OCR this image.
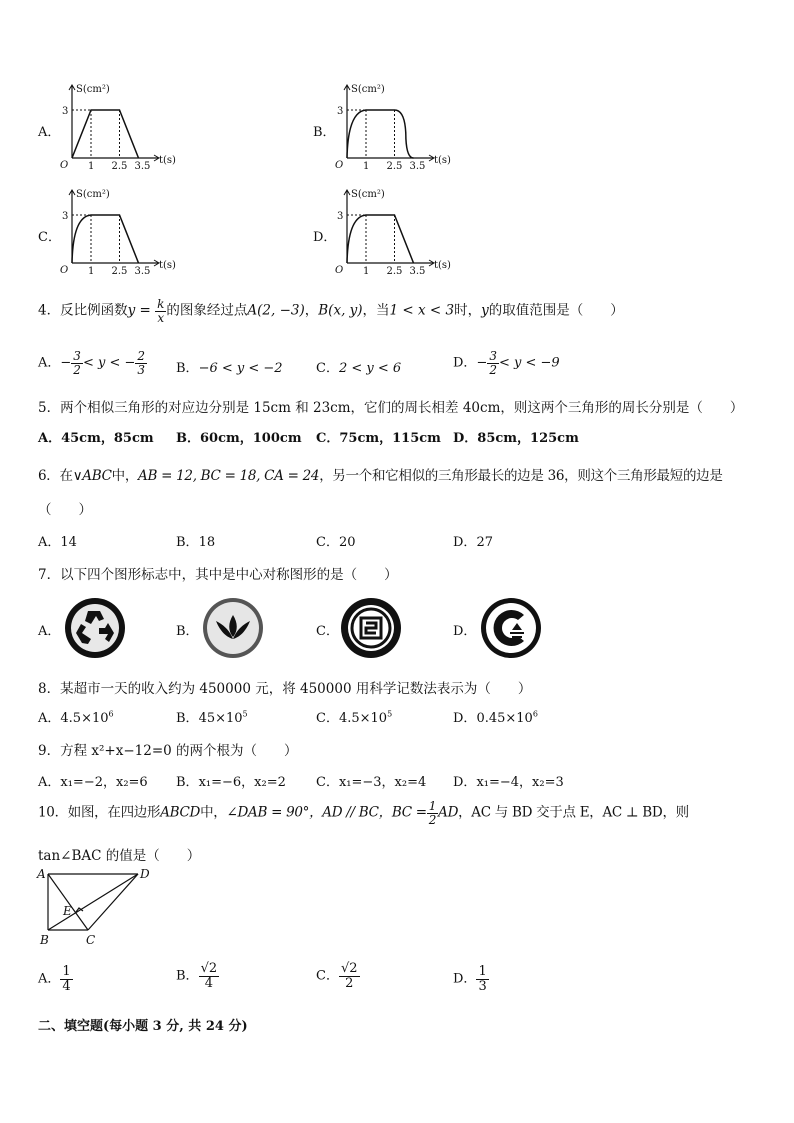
A．
S(cm²)
t(s)
O
3
1 2.5 3.5
B．
S(cm²)
t(s)
O
3
1 2.5 3.5
C．
S(cm²)
t(s)
O
3
1 2.5 3.5
D．
S(cm²)
t(s)
O
3
1 2.5 3.5
4．反比例函数$y = \frac{k}{x}$ 的图象经过点A(2, −3)，B(x, y)，当1 < x < 3时，y的取值范围是（　　）
A．− $\frac{3}{2} < y$ < − $\frac{2}{3}$ B．−6 < y < −2	C．2 < y < 6	D．− $\frac{3}{2} < y < -9$
5．两个相似三角形的对应边分别是 15cm 和 23cm，它们的周长相差 40cm，则这两个三角形的周长分别是（　　）
A．45cm，85cm B．60cm，100cm C．75cm，115cm D．85cm，125cm
6．在∨ABC中，AB = 12, BC = 18, CA = 24，另一个和它相似的三角形最长的边是 36，则这个三角形最短的边是
（　　）
A．14	B．18	C．20	D．27
7．以下四个图形标志中，其中是中心对称图形的是（　　）
A．	B．	C．	D．
8．某超市一天的收入约为 450000 元，将 450000 用科学记数法表示为（　　）
A．$4.5\times 10^6$	B．$45\times 10^5$	C．$4.5\times 10^5$	D．$0.45\times 10^6$
9．方程 x²+x−12=0 的两个根为（　　）
A．x₁=−2，x₂=6 B．x₁=−6，x₂=2 C．x₁=−3，x₂=4 D．x₁=−4，x₂=3
10．如图，在四边形ABCD中，∠DAB = 90°，AD // BC，BC = $\frac{1}{2}$ AD，AC 与 BD 交于点 E，AC ⊥ BD，则
tan∠BAC 的值是（　　）
A	D
B	C
E
A． $\frac{1}{4}$	B． $\frac{√2}{4}$	C． $\frac{√2}{2}$	D． $\frac{1}{3}$
二、填空题(每小题 3 分, 共 24 分)
